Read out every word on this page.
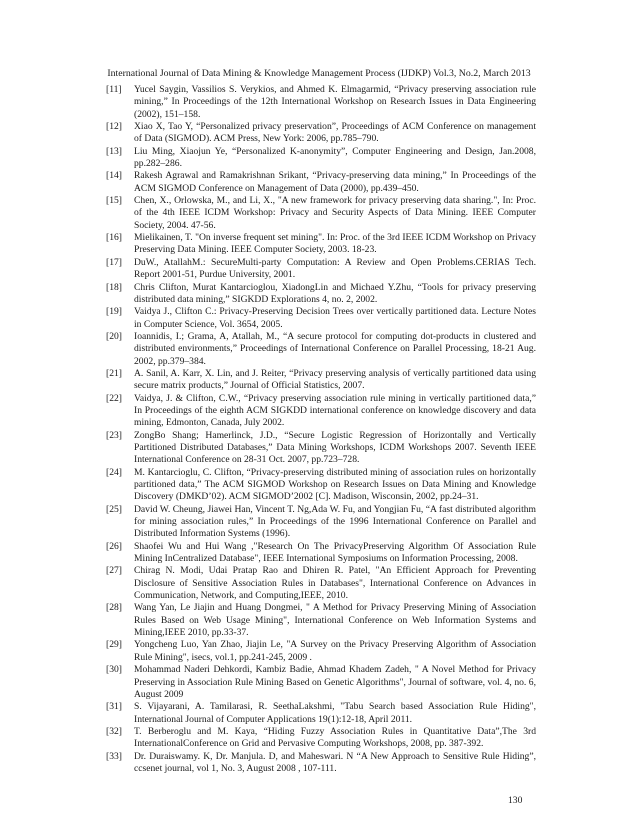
International Journal of Data Mining & Knowledge Management Process (IJDKP) Vol.3, No.2, March 2013
[11] Yucel Saygin, Vassilios S. Verykios, and Ahmed K. Elmagarmid, “Privacy preserving association rule mining,” In Proceedings of the 12th International Workshop on Research Issues in Data Engineering (2002), 151–158.
[12] Xiao X, Tao Y, “Personalized privacy preservation”, Proceedings of ACM Conference on management of Data (SIGMOD). ACM Press, New York: 2006, pp.785–790.
[13] Liu Ming, Xiaojun Ye, “Personalized K-anonymity”, Computer Engineering and Design, Jan.2008, pp.282–286.
[14] Rakesh Agrawal and Ramakrishnan Srikant, “Privacy-preserving data mining,” In Proceedings of the ACM SIGMOD Conference on Management of Data (2000), pp.439–450.
[15] Chen, X., Orlowska, M., and Li, X., "A new framework for privacy preserving data sharing.", In: Proc. of the 4th IEEE ICDM Workshop: Privacy and Security Aspects of Data Mining. IEEE Computer Society, 2004. 47-56.
[16] Mielikainen, T. "On inverse frequent set mining". In: Proc. of the 3rd IEEE ICDM Workshop on Privacy Preserving Data Mining. IEEE Computer Society, 2003. 18-23.
[17] DuW., AtallahM.: SecureMulti-party Computation: A Review and Open Problems.CERIAS Tech. Report 2001-51, Purdue University, 2001.
[18] Chris Clifton, Murat Kantarcioglou, XiadongLin and Michaed Y.Zhu, “Tools for privacy preserving distributed data mining,” SIGKDD Explorations 4, no. 2, 2002.
[19] Vaidya J., Clifton C.: Privacy-Preserving Decision Trees over vertically partitioned data. Lecture Notes in Computer Science, Vol. 3654, 2005.
[20] Ioannidis, I.; Grama, A, Atallah, M., “A secure protocol for computing dot-products in clustered and distributed environments,” Proceedings of International Conference on Parallel Processing, 18-21 Aug. 2002, pp.379–384.
[21] A. Sanil, A. Karr, X. Lin, and J. Reiter, “Privacy preserving analysis of vertically partitioned data using secure matrix products,” Journal of Official Statistics, 2007.
[22] Vaidya, J. & Clifton, C.W., “Privacy preserving association rule mining in vertically partitioned data,” In Proceedings of the eighth ACM SIGKDD international conference on knowledge discovery and data mining, Edmonton, Canada, July 2002.
[23] ZongBo Shang; Hamerlinck, J.D., “Secure Logistic Regression of Horizontally and Vertically Partitioned Distributed Databases,” Data Mining Workshops, ICDM Workshops 2007. Seventh IEEE International Conference on 28-31 Oct. 2007, pp.723–728.
[24] M. Kantarcioglu, C. Clifton, “Privacy-preserving distributed mining of association rules on horizontally partitioned data,” The ACM SIGMOD Workshop on Research Issues on Data Mining and Knowledge Discovery (DMKD’02). ACM SIGMOD’2002 [C]. Madison, Wisconsin, 2002, pp.24–31.
[25] David W. Cheung, Jiawei Han, Vincent T. Ng,Ada W. Fu, and Yongjian Fu, “A fast distributed algorithm for mining association rules,” In Proceedings of the 1996 International Conference on Parallel and Distributed Information Systems (1996).
[26] Shaofei Wu and Hui Wang ,"Research On The PrivacyPreserving Algorithm Of Association Rule Mining InCentralized Database", IEEE International Symposiums on Information Processing, 2008.
[27] Chirag N. Modi, Udai Pratap Rao and Dhiren R. Patel, "An Efficient Approach for Preventing Disclosure of Sensitive Association Rules in Databases", International Conference on Advances in Communication, Network, and Computing,IEEE, 2010.
[28] Wang Yan, Le Jiajin and Huang Dongmei, " A Method for Privacy Preserving Mining of Association Rules Based on Web Usage Mining", International Conference on Web Information Systems and Mining,IEEE 2010, pp.33-37.
[29] Yongcheng Luo, Yan Zhao, Jiajin Le, "A Survey on the Privacy Preserving Algorithm of Association Rule Mining", isecs, vol.1, pp.241-245, 2009 .
[30] Mohammad Naderi Dehkordi, Kambiz Badie, Ahmad Khadem Zadeh, " A Novel Method for Privacy Preserving in Association Rule Mining Based on Genetic Algorithms", Journal of software, vol. 4, no. 6, August 2009
[31] S. Vijayarani, A. Tamilarasi, R. SeethaLakshmi, "Tabu Search based Association Rule Hiding", International Journal of Computer Applications 19(1):12-18, April 2011.
[32] T. Berberoglu and M. Kaya, “Hiding Fuzzy Association Rules in Quantitative Data”,The 3rd InternationalConference on Grid and Pervasive Computing Workshops, 2008, pp. 387-392.
[33] Dr. Duraiswamy. K, Dr. Manjula. D, and Maheswari. N “A New Approach to Sensitive Rule Hiding”, ccsenet journal, vol 1, No. 3, August 2008 , 107-111.
130
